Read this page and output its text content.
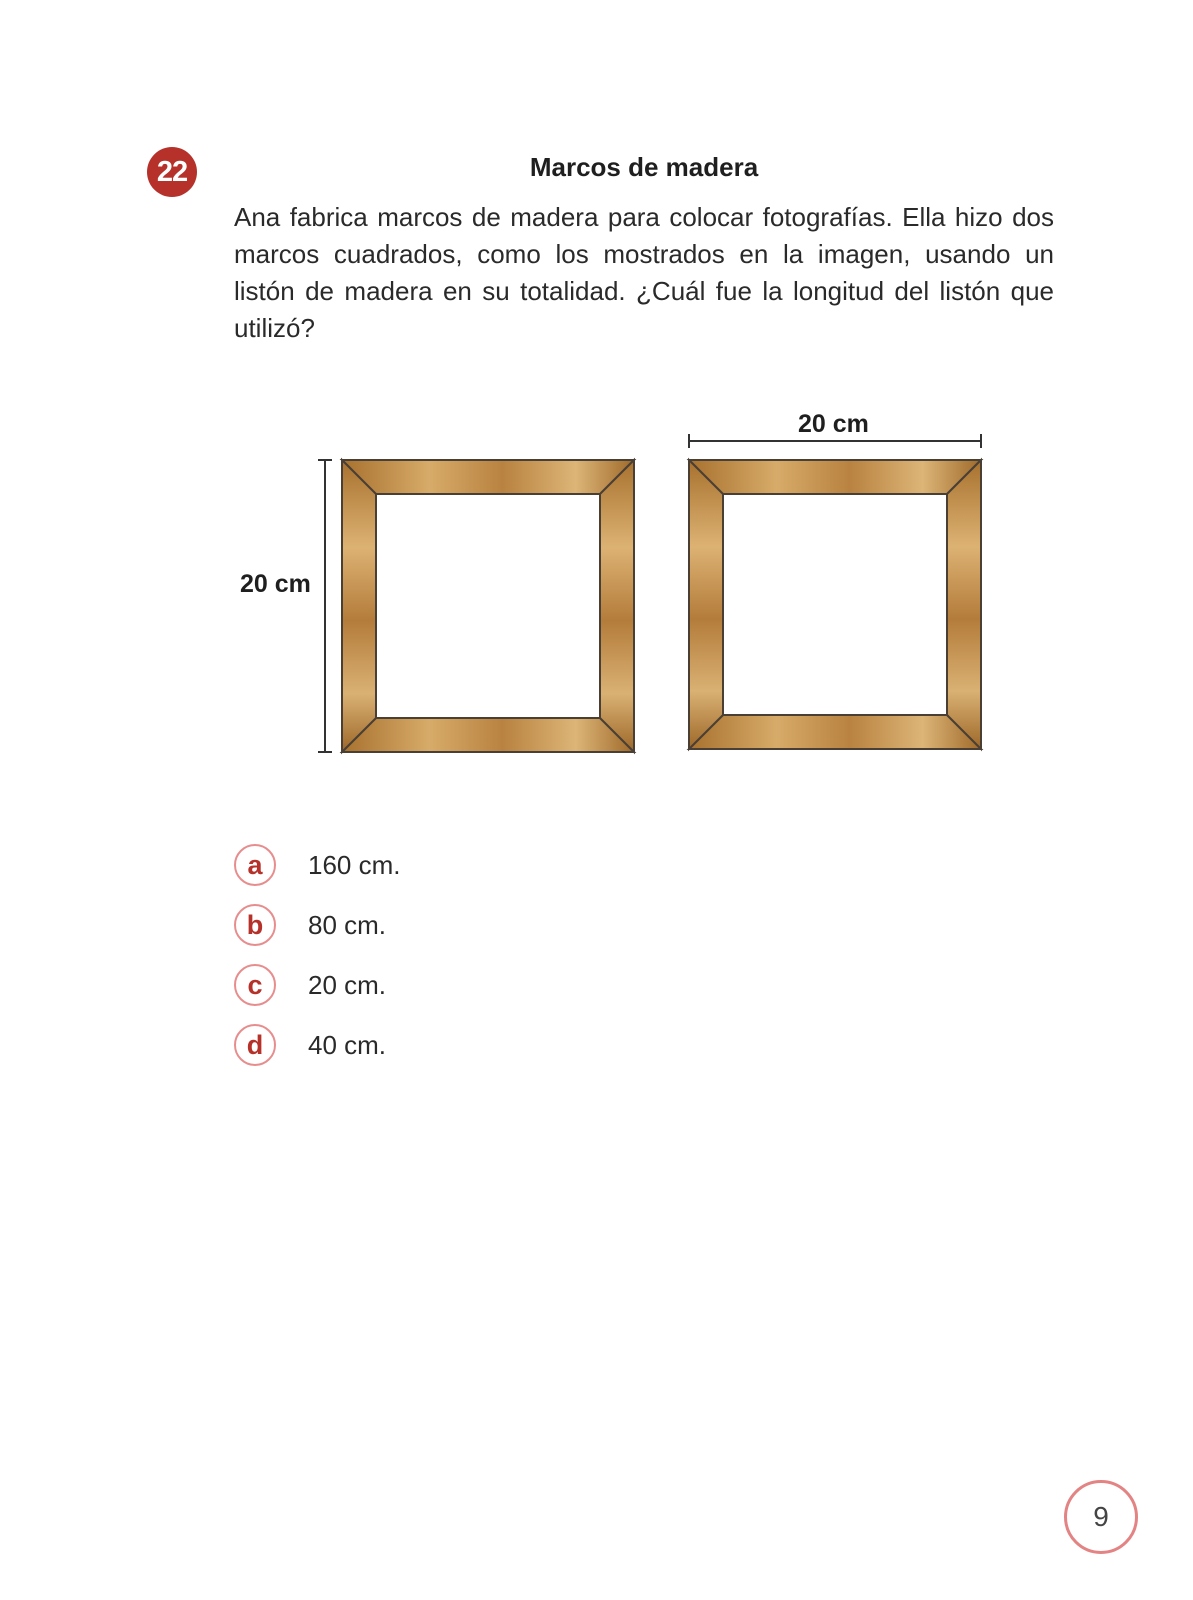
22	Marcos de madera

Ana fabrica marcos de madera para colocar fotografías. Ella hizo dos marcos cuadrados, como los mostrados en la imagen, usando un listón de madera en su totalidad. ¿Cuál fue la longitud del listón que utilizó?

20 cm
20 cm
a	160 cm.
b	80 cm.
c	20 cm.
d	40 cm.
9
